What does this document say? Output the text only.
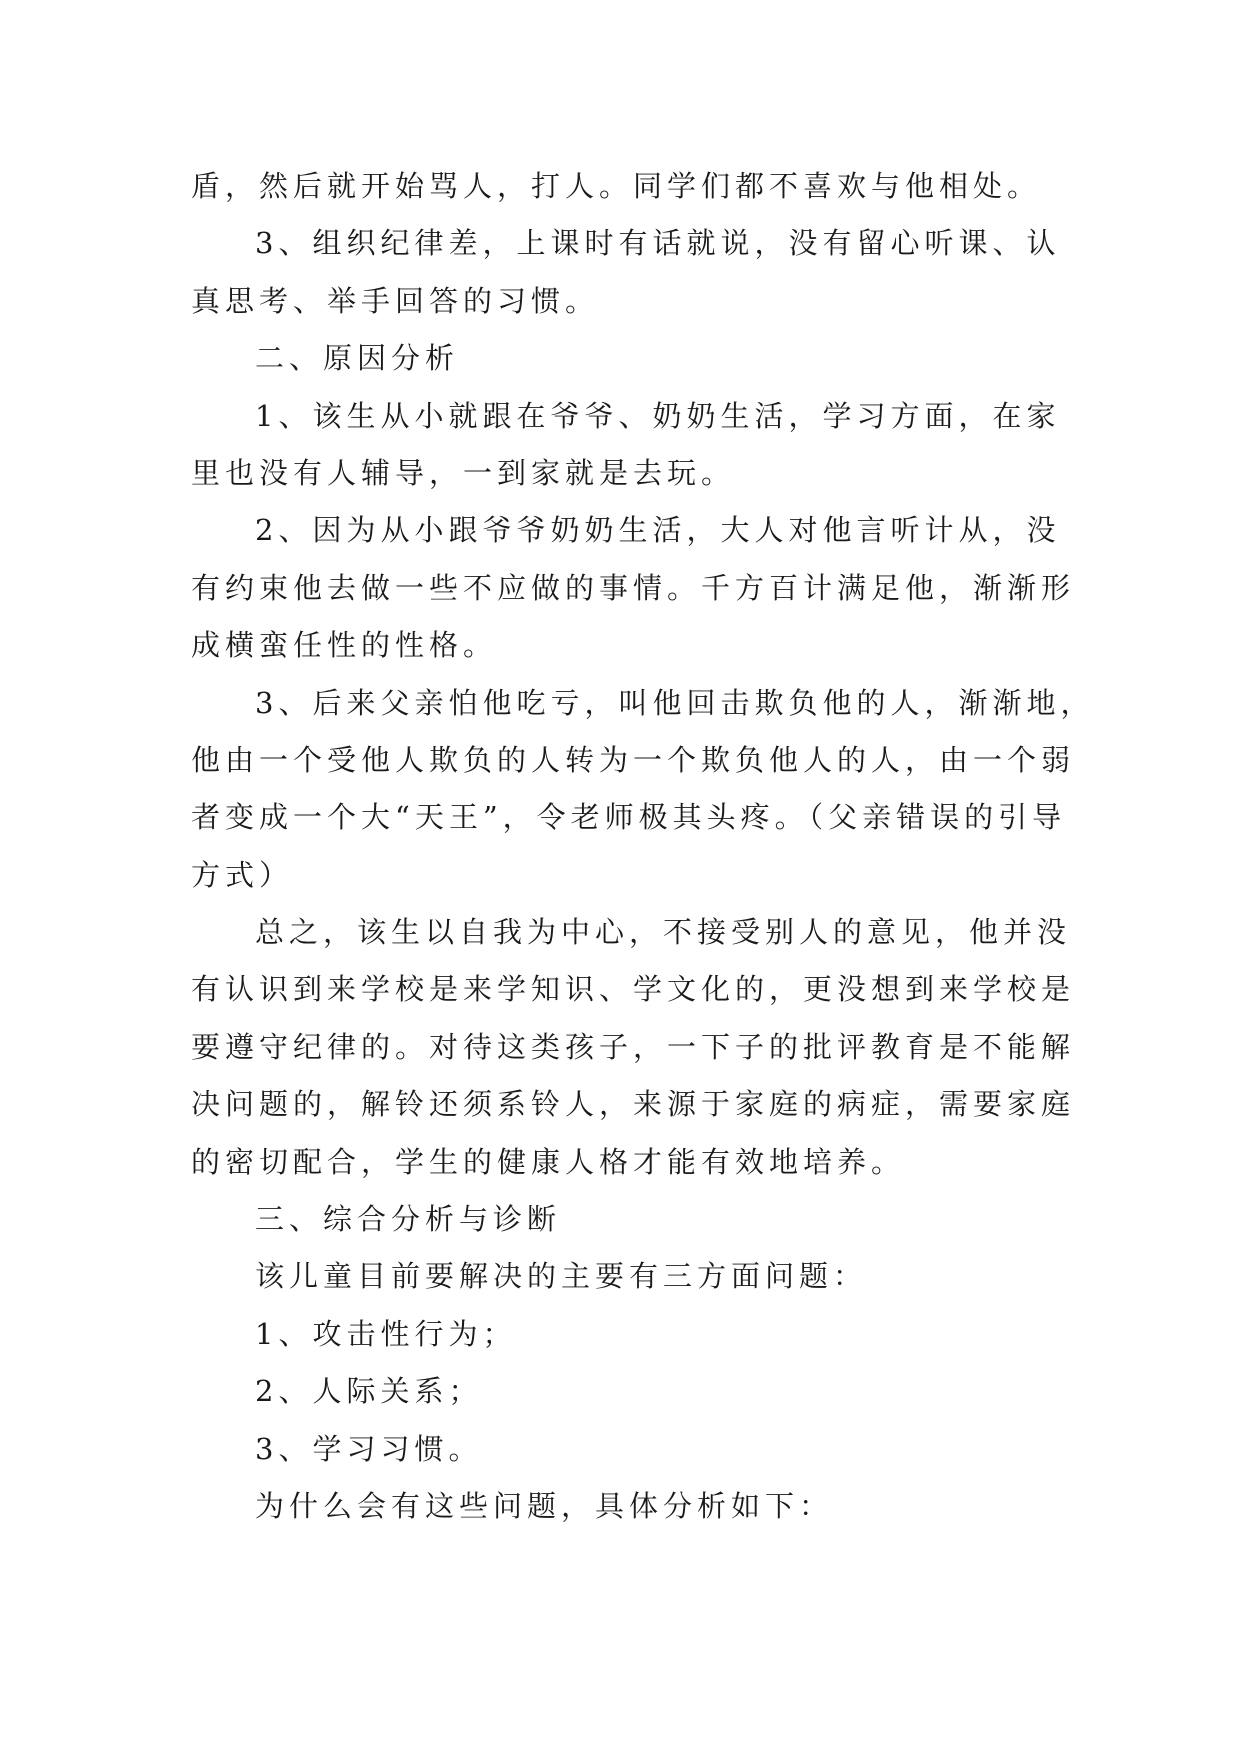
盾，然后就开始骂人，打人。同学们都不喜欢与他相处。
3、组织纪律差，上课时有话就说，没有留心听课、认
真思考、举手回答的习惯。
二、原因分析
1、该生从小就跟在爷爷、奶奶生活，学习方面，在家
里也没有人辅导，一到家就是去玩。
2、因为从小跟爷爷奶奶生活，大人对他言听计从，没
有约束他去做一些不应做的事情。千方百计满足他，渐渐形
成横蛮任性的性格。
3、后来父亲怕他吃亏，叫他回击欺负他的人，渐渐地，
他由一个受他人欺负的人转为一个欺负他人的人，由一个弱
者变成一个大“天王”，令老师极其头疼。（父亲错误的引导
方式）
总之，该生以自我为中心，不接受别人的意见，他并没
有认识到来学校是来学知识、学文化的，更没想到来学校是
要遵守纪律的。对待这类孩子，一下子的批评教育是不能解
决问题的，解铃还须系铃人，来源于家庭的病症，需要家庭
的密切配合，学生的健康人格才能有效地培养。
三、综合分析与诊断
该儿童目前要解决的主要有三方面问题：
1、攻击性行为；
2、人际关系；
3、学习习惯。
为什么会有这些问题，具体分析如下：
